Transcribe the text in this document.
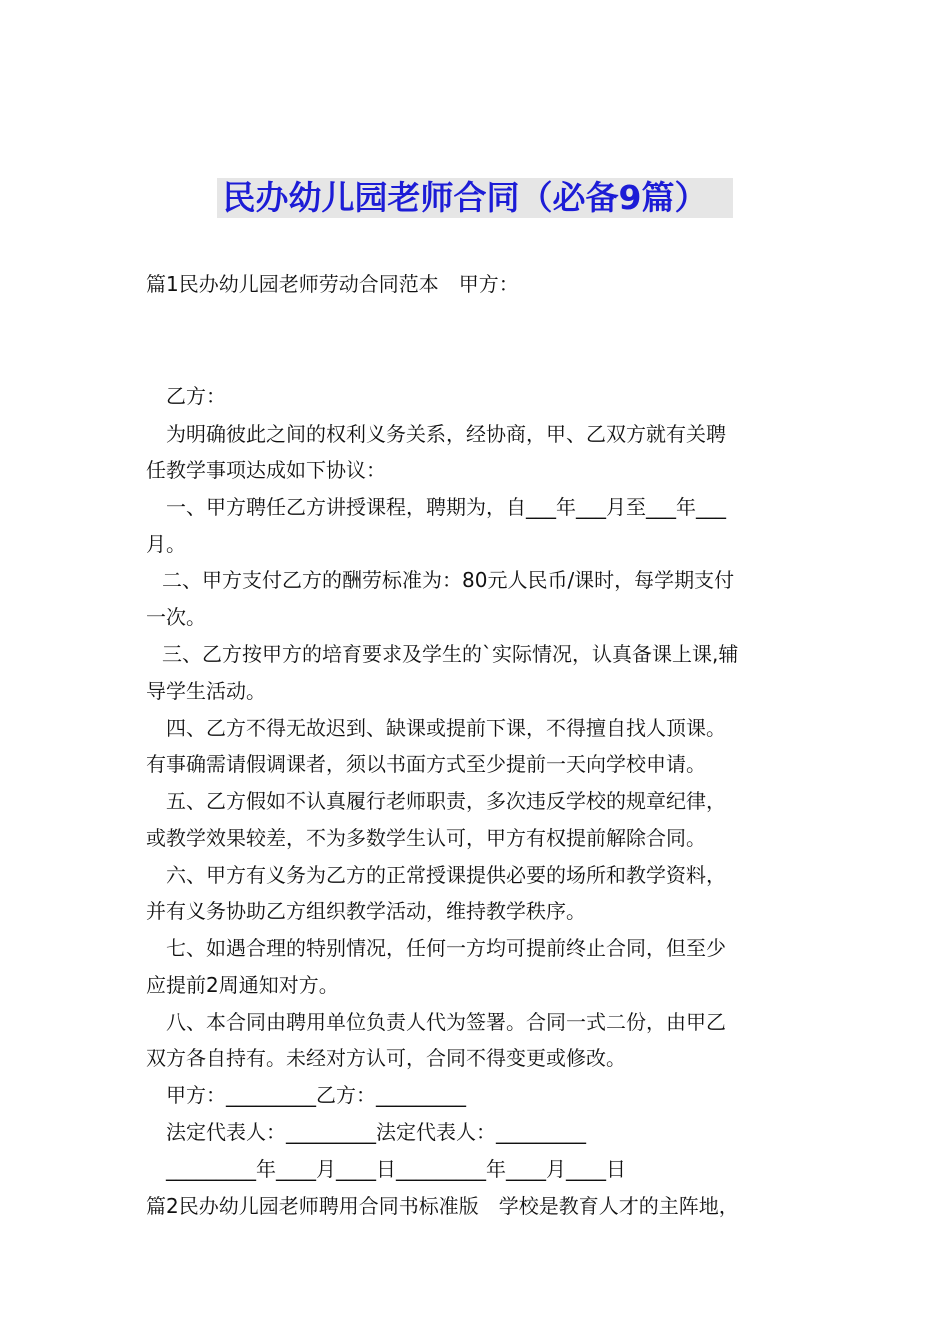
民办幼儿园老师合同（必备9篇）
篇1民办幼儿园老师劳动合同范本　甲方：
乙方：
为明确彼此之间的权利义务关系，经协商，甲、乙双方就有关聘
任教学事项达成如下协议：
一、甲方聘任乙方讲授课程，聘期为，自___年___月至___年___
月。
二、甲方支付乙方的酬劳标准为：80元人民币/课时，每学期支付
一次。
三、乙方按甲方的培育要求及学生的`实际情况，认真备课上课,辅
导学生活动。
四、乙方不得无故迟到、缺课或提前下课，不得擅自找人顶课。
有事确需请假调课者，须以书面方式至少提前一天向学校申请。
五、乙方假如不认真履行老师职责，多次违反学校的规章纪律，
或教学效果较差，不为多数学生认可，甲方有权提前解除合同。
六、甲方有义务为乙方的正常授课提供必要的场所和教学资料，
并有义务协助乙方组织教学活动，维持教学秩序。
七、如遇合理的特别情况，任何一方均可提前终止合同，但至少
应提前2周通知对方。
八、本合同由聘用单位负责人代为签署。合同一式二份，由甲乙
双方各自持有。未经对方认可，合同不得变更或修改。
甲方：_________乙方：_________
法定代表人：_________法定代表人：_________
_________年____月____日_________年____月____日
篇2民办幼儿园老师聘用合同书标准版　学校是教育人才的主阵地，
